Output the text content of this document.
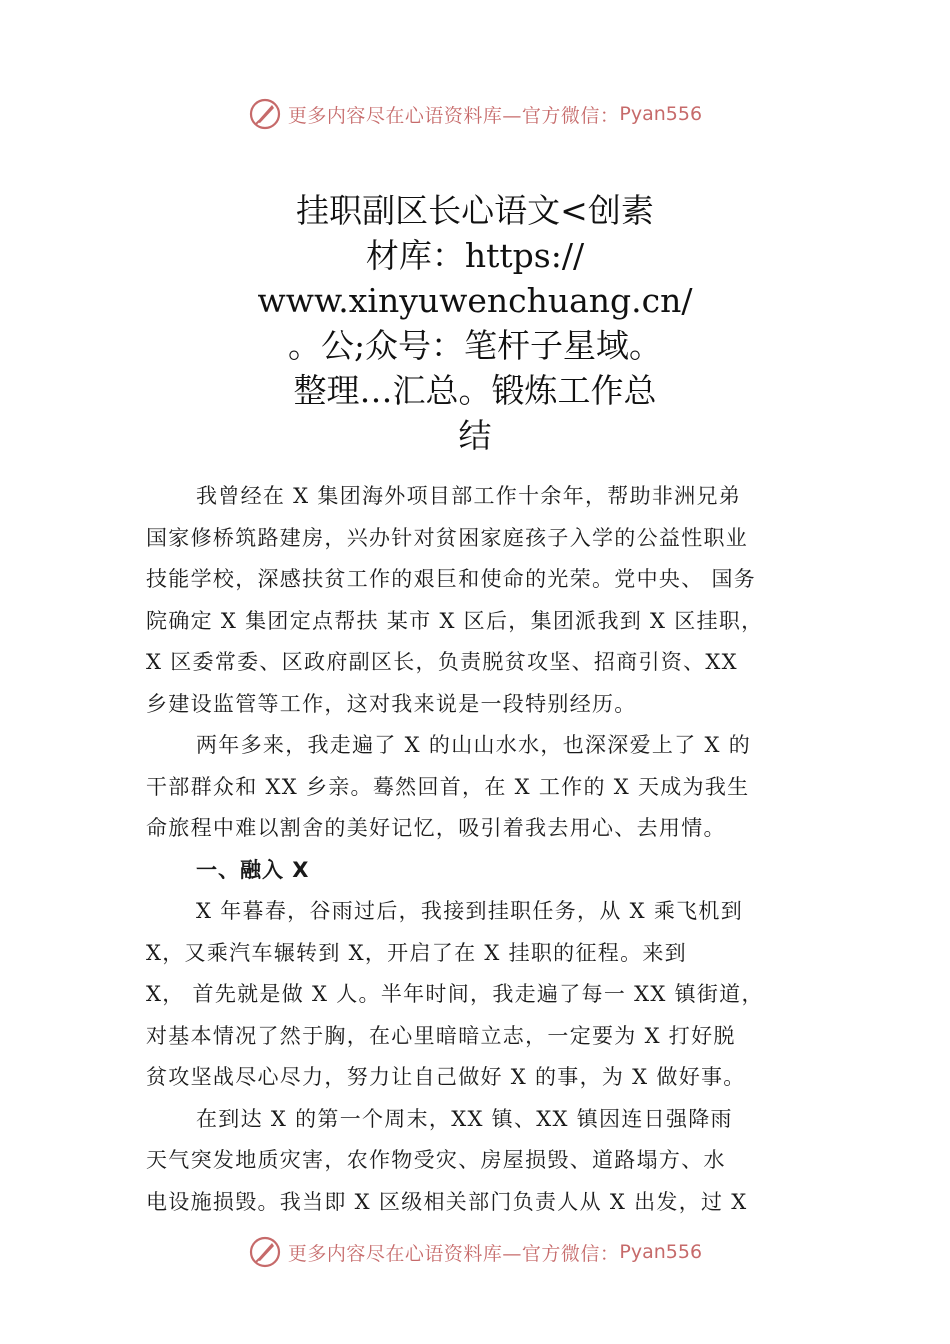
更多内容尽在心语资料库—官方微信： Pyan556
挂职副区长心语文<创素
材库：https://
www.xinyuwenchuang.cn/
。公;众号：笔杆子星域。
整理…汇总。锻炼工作总
结
我曾经在 X 集团海外项目部工作十余年，帮助非洲兄弟
国家修桥筑路建房，兴办针对贫困家庭孩子入学的公益性职业
技能学校，深感扶贫工作的艰巨和使命的光荣。党中央、 国务
院确定 X 集团定点帮扶 某市 X 区后，集团派我到 X 区挂职，
X 区委常委、区政府副区长，负责脱贫攻坚、招商引资、XX
乡建设监管等工作，这对我来说是一段特别经历。
两年多来，我走遍了 X 的山山水水，也深深爱上了 X 的
干部群众和 XX 乡亲。蓦然回首，在 X 工作的 X 天成为我生
命旅程中难以割舍的美好记忆，吸引着我去用心、去用情。
一、融入 X
X 年暮春，谷雨过后，我接到挂职任务，从 X 乘飞机到
X，又乘汽车辗转到 X，开启了在 X 挂职的征程。来到
X， 首先就是做 X 人。半年时间，我走遍了每一 XX 镇街道，
对基本情况了然于胸，在心里暗暗立志，一定要为 X 打好脱
贫攻坚战尽心尽力，努力让自己做好 X 的事，为 X 做好事。
在到达 X 的第一个周末，XX 镇、XX 镇因连日强降雨
天气突发地质灾害，农作物受灾、房屋损毁、道路塌方、水
电设施损毁。我当即 X 区级相关部门负责人从 X 出发，过 X
更多内容尽在心语资料库—官方微信： Pyan556
